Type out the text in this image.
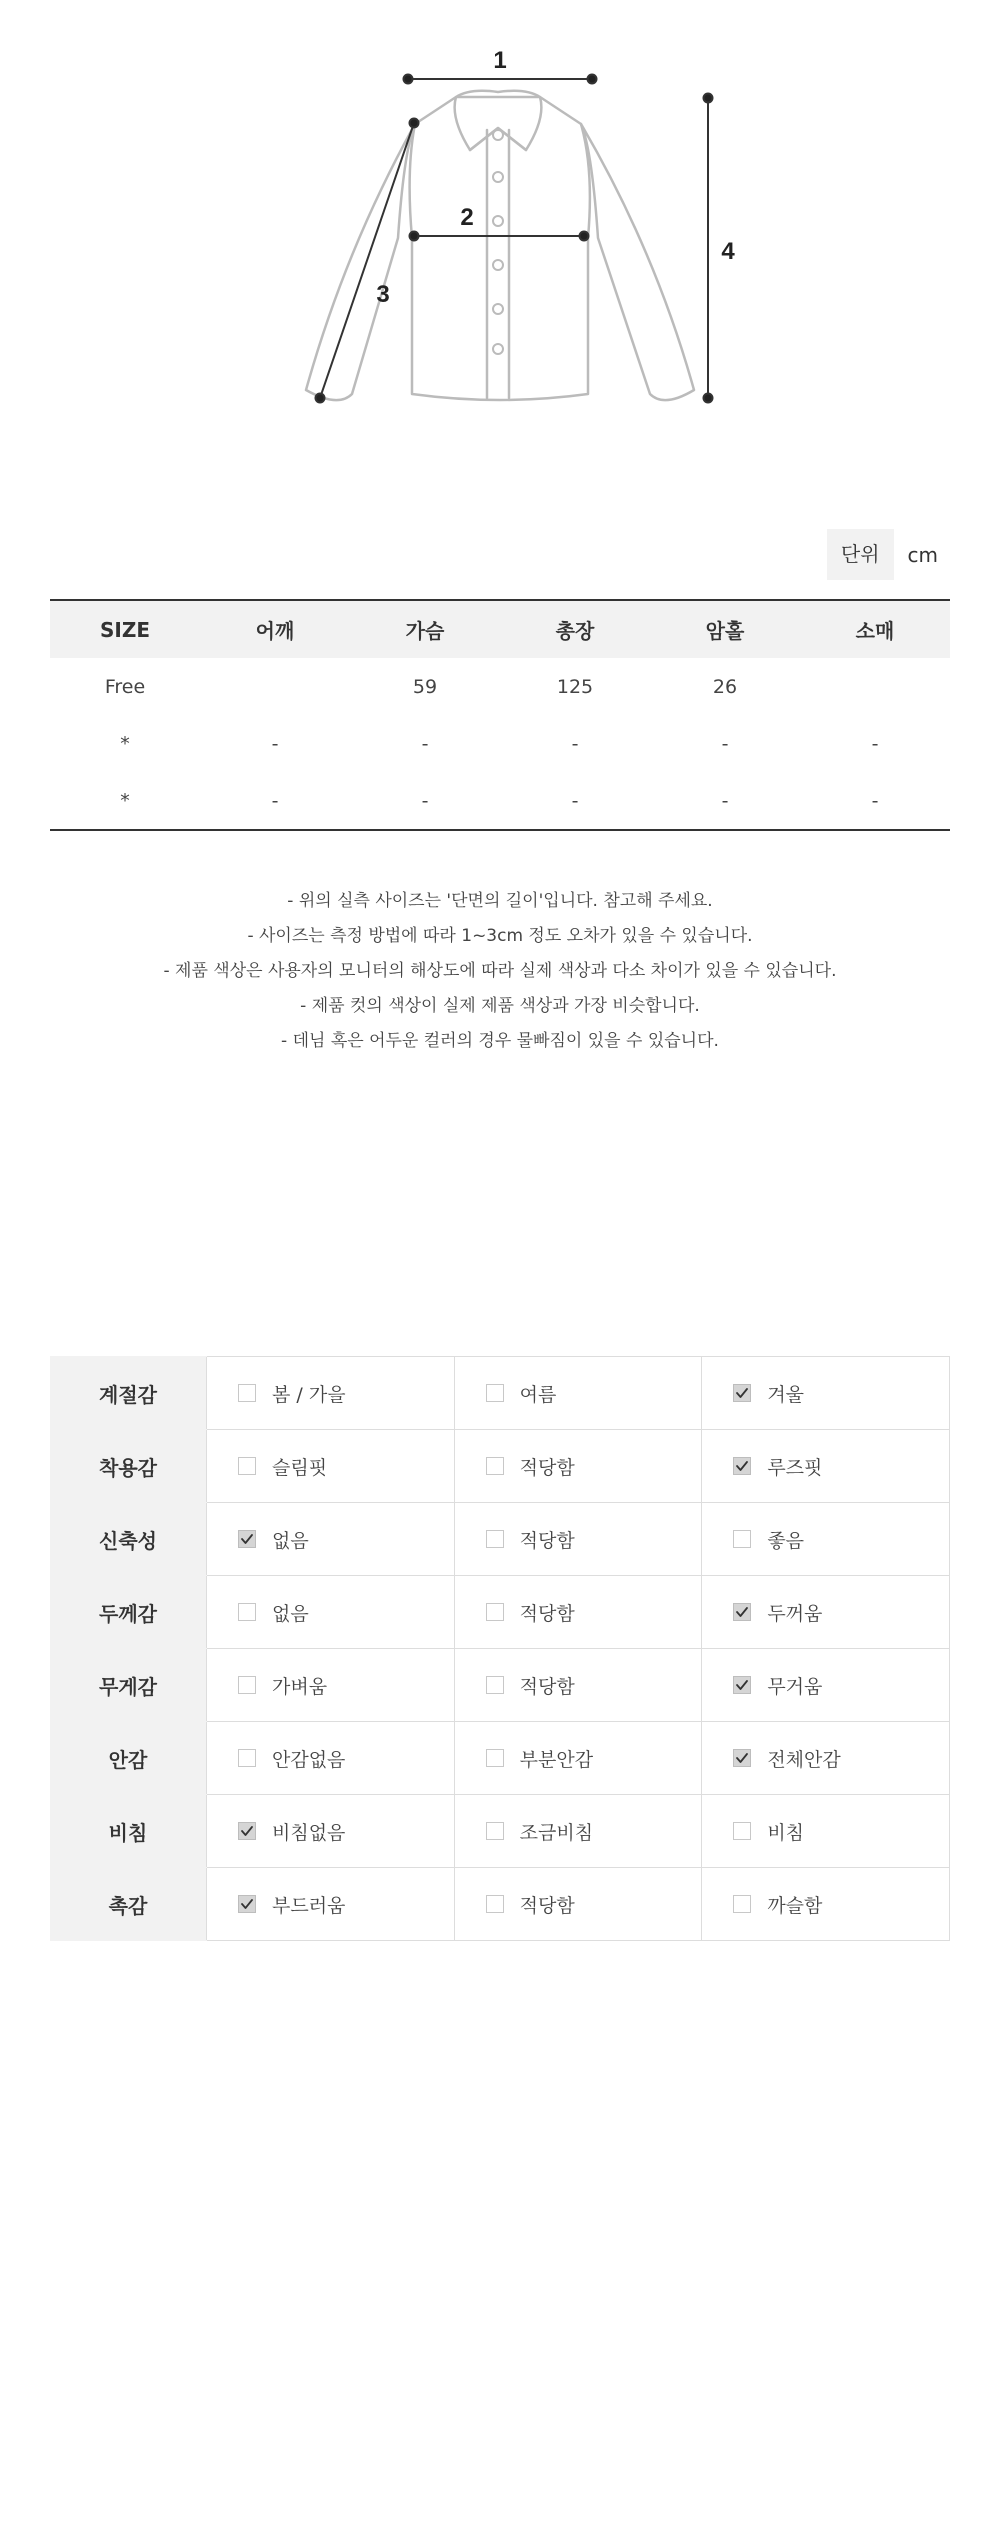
1
2
3
4
단위	cm
SIZE	어깨	가슴	총장	암홀	소매
Free		59	125	26	
*	-	-	-	-	-
*	-	-	-	-	-
- 위의 실측 사이즈는 '단면의 길이'입니다. 참고해 주세요.
- 사이즈는 측정 방법에 따라 1~3cm 정도 오차가 있을 수 있습니다.
- 제품 색상은 사용자의 모니터의 해상도에 따라 실제 색상과 다소 차이가 있을 수 있습니다.
- 제품 컷의 색상이 실제 제품 색상과 가장 비슷합니다.
- 데님 혹은 어두운 컬러의 경우 물빠짐이 있을 수 있습니다.
계절감	봄 / 가을	여름	겨울

착용감	슬림핏	적당함	루즈핏

신축성	없음	적당함	좋음

두께감	없음	적당함	두꺼움

무게감	가벼움	적당함	무거움

안감	안감없음	부분안감	전체안감

비침	비침없음	조금비침	비침

촉감	부드러움	적당함	까슬함
